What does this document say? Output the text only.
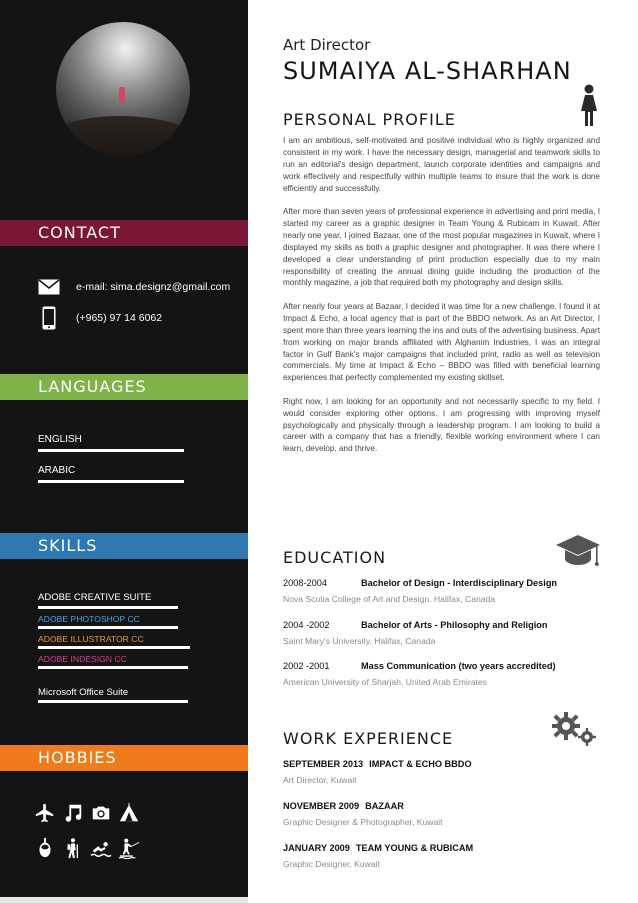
CONTACT
e-mail: sima.designz@gmail.com
(+965) 97 14 6062
LANGUAGES
ENGLISH
ARABIC
SKILLS
ADOBE CREATIVE SUITE
ADOBE PHOTOSHOP CC
ADOBE ILLUSTRATOR CC
ADOBE INDESIGN CC
Microsoft Office Suite
HOBBIES
Art Director
SUMAIYA AL-SHARHAN
PERSONAL PROFILE

I am an ambitious, self-motivated and positive individual who is highly organized and consistent in my work. I have the necessary design, managerial and teamwork skills to run an editorial's design department, launch corporate identities and campaigns and work effectively and respectfully within multiple teams to insure that the work is done efficiently and successfully.

After more than seven years of professional experience in advertising and print media, I started my career as a graphic designer in Team Young & Rubicam in Kuwait. After nearly one year, I joined Bazaar, one of the most popular magazines in Kuwait, where I displayed my skills as both a graphic designer and photographer. It was there where I developed a clear understanding of print production especially due to my main responsibility of creating the annual dining guide including the production of the monthly magazine, a job that required both my photography and design skills.

After nearly four years at Bazaar, I decided it was time for a new challenge. I found it at Impact & Echo, a local agency that is part of the BBDO network. As an Art Director, I spent more than three years learning the ins and outs of the advertising business. Apart from working on major brands affiliated with Alghanim Industries, I was an integral factor in Gulf Bank's major campaigns that included print, radio as well as television commercials. My time at Impact & Echo – BBDO was filled with beneficial learning experiences that perfectly complemented my existing skillset.

Right now, I am looking for an opportunity and not necessarily specific to my field. I would consider exploring other options. I am progressing with improving myself psychologically and physically through a leadership program. I am looking to build a career with a company that has a friendly, flexible working environment where I can learn, develop, and thrive.

EDUCATION
2008-2004	Bachelor of Design - Interdisciplinary Design
Nova Scotia College of Art and Design. Halifax, Canada
2004 -2002	Bachelor of Arts - Philosophy and Religion
Saint Mary's University. Halifax, Canada
2002 -2001	Mass Communication (two years accredited)
American University of Sharjah, United Arab Emirates
WORK EXPERIENCE
SEPTEMBER 2013 IMPACT & ECHO BBDO
Art Director, Kuwait
NOVEMBER 2009 BAZAAR
Graphic Designer & Photographer, Kuwait
JANUARY 2009 TEAM YOUNG & RUBICAM
Graphic Designer, Kuwait
